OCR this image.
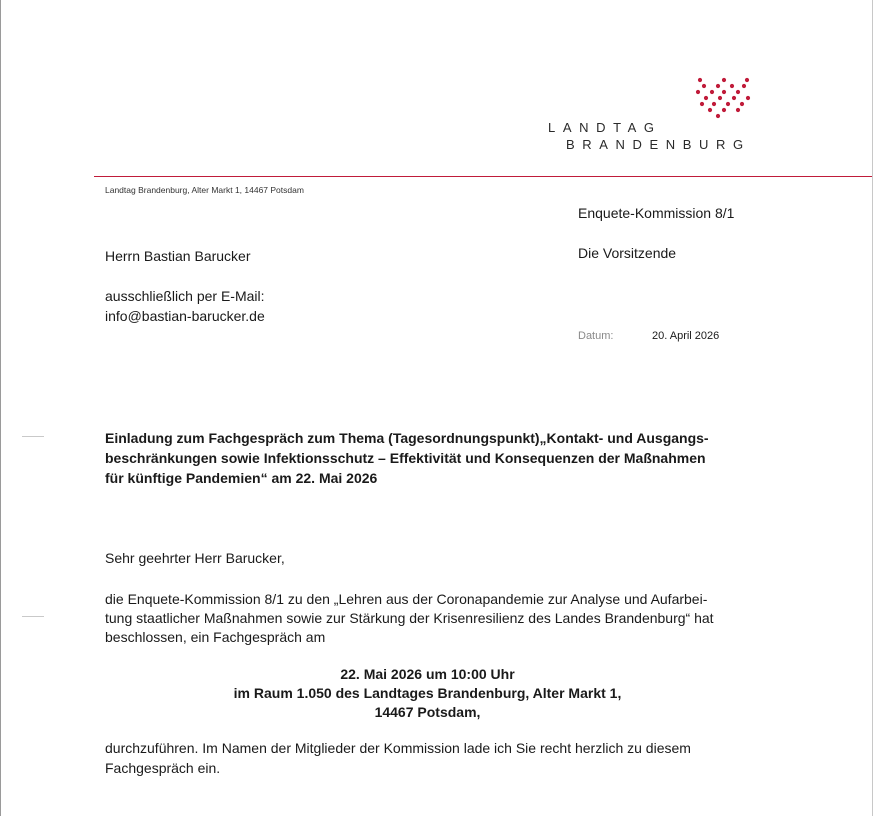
LANDTAG
BRANDENBURG
Landtag Brandenburg, Alter Markt 1, 14467 Potsdam
Enquete-Kommission 8/1
Die Vorsitzende
Datum:	20. April 2026
Herrn Bastian Barucker
ausschließlich per E-Mail:
info@bastian-barucker.de
Einladung zum Fachgespräch zum Thema (Tagesordnungspunkt)„Kontakt- und Ausgangs-
beschränkungen sowie Infektionsschutz – Effektivität und Konsequenzen der Maßnahmen
für künftige Pandemien“ am 22. Mai 2026
Sehr geehrter Herr Barucker,
die Enquete-Kommission 8/1 zu den „Lehren aus der Coronapandemie zur Analyse und Aufarbei-
tung staatlicher Maßnahmen sowie zur Stärkung der Krisenresilienz des Landes Brandenburg“ hat
beschlossen, ein Fachgespräch am
22. Mai 2026 um 10:00 Uhr
im Raum 1.050 des Landtages Brandenburg, Alter Markt 1,
14467 Potsdam,
durchzuführen. Im Namen der Mitglieder der Kommission lade ich Sie recht herzlich zu diesem
Fachgespräch ein.
